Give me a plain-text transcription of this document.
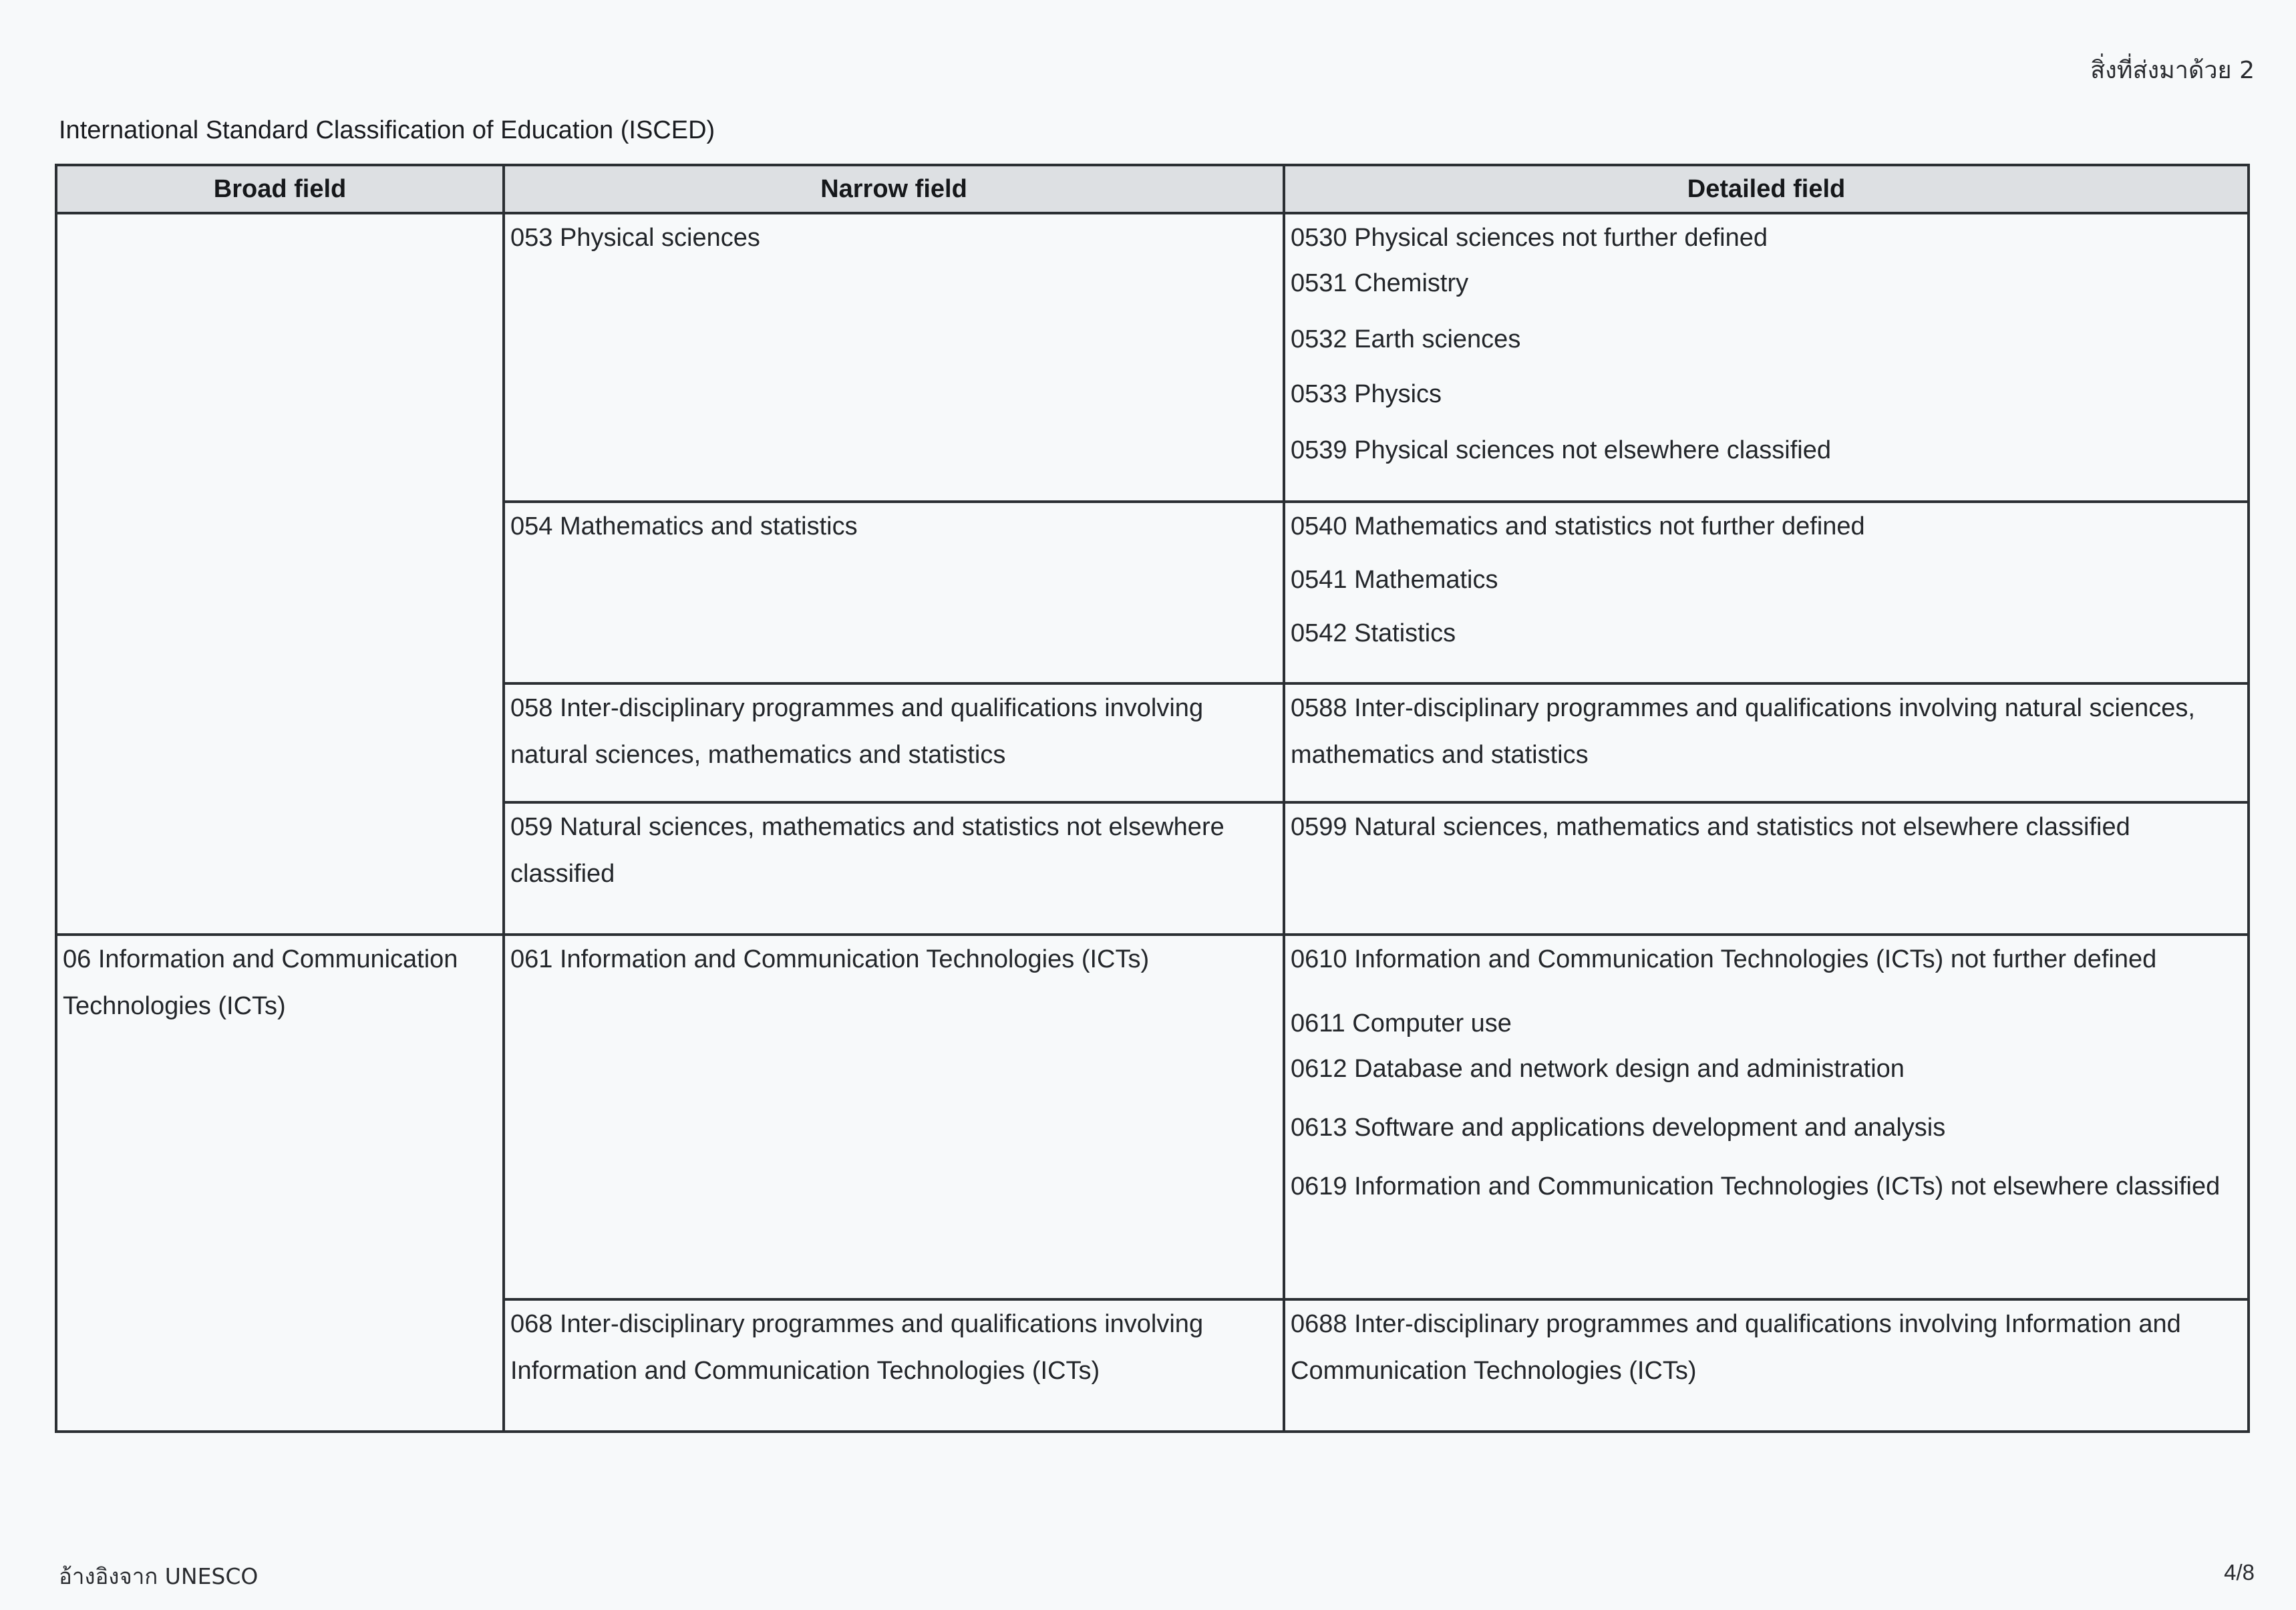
สิ่งที่ส่งมาด้วย 2
International Standard Classification of Education (ISCED)
Broad field	Narrow field	Detailed field
	053 Physical sciences	0530 Physical sciences not further defined
0531 Chemistry
0532 Earth sciences
0533 Physics
0539 Physical sciences not elsewhere classified

	054 Mathematics and statistics	0540 Mathematics and statistics not further defined
0541 Mathematics
0542 Statistics

	058 Inter-disciplinary programmes and qualifications involving natural sciences, mathematics and statistics	0588 Inter-disciplinary programmes and qualifications involving natural sciences, mathematics and statistics

	059 Natural sciences, mathematics and statistics not elsewhere classified	0599 Natural sciences, mathematics and statistics not elsewhere classified

06 Information and Communication Technologies (ICTs)	061 Information and Communication Technologies (ICTs)	0610 Information and Communication Technologies (ICTs) not further defined
0611 Computer use
0612 Database and network design and administration
0613 Software and applications development and analysis
0619 Information and Communication Technologies (ICTs) not elsewhere classified

	068 Inter-disciplinary programmes and qualifications involving Information and Communication Technologies (ICTs)	0688 Inter-disciplinary programmes and qualifications involving Information and Communication Technologies (ICTs)
อ้างอิงจาก UNESCO	4/8
